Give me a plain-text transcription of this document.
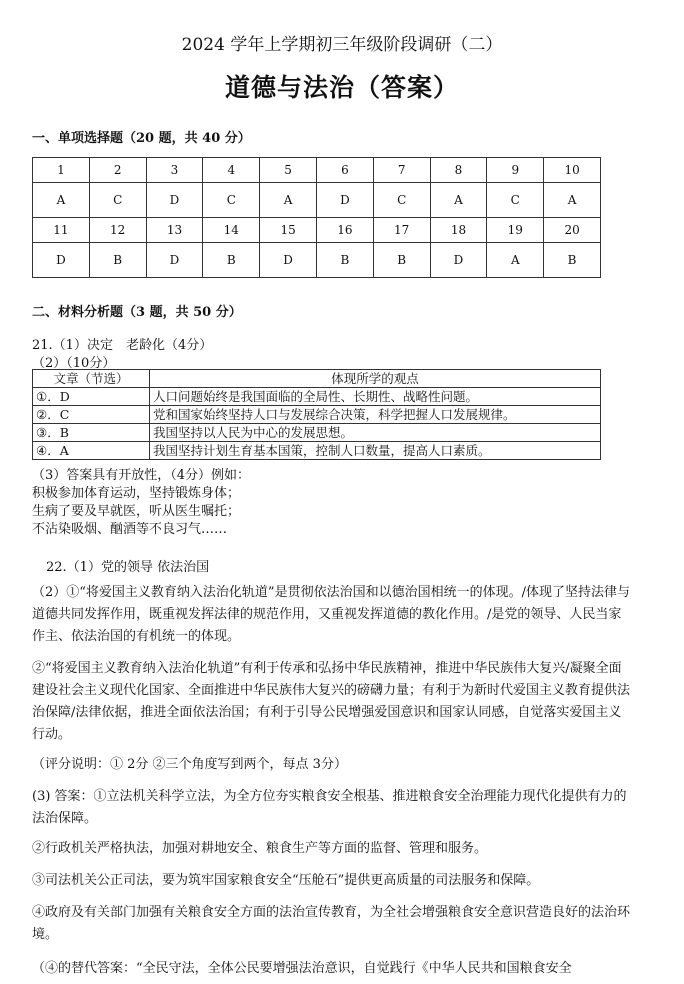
2024 学年上学期初三年级阶段调研（二）
道德与法治（答案）
一、单项选择题（20 题，共 40 分）
1	2	3	4	5	6	7	8	9	10
A	C	D	C	A	D	C	A	C	A
11	12	13	14	15	16	17	18	19	20
D	B	D	B	D	B	B	D	A	B
二、材料分析题（3 题，共 50 分）
21.（1）决定　老龄化（4分）
（2）（10分）
文章（节选）	体现所学的观点
①．D	人口问题始终是我国面临的全局性、长期性、战略性问题。
②．C	党和国家始终坚持人口与发展综合决策，科学把握人口发展规律。
③．B	我国坚持以人民为中心的发展思想。
④．A	我国坚持计划生育基本国策，控制人口数量，提高人口素质。
（3）答案具有开放性，（4分）例如：
积极参加体育运动，坚持锻炼身体；
生病了要及早就医，听从医生嘱托；
不沾染吸烟、酗酒等不良习气……
22.（1）党的领导 依法治国
（2）①“将爱国主义教育纳入法治化轨道”是贯彻依法治国和以德治国相统一的体现。/体现了坚持法律与道德共同发挥作用，既重视发挥法律的规范作用，又重视发挥道德的教化作用。/是党的领导、人民当家作主、依法治国的有机统一的体现。
②“将爱国主义教育纳入法治化轨道”有利于传承和弘扬中华民族精神，推进中华民族伟大复兴/凝聚全面建设社会主义现代化国家、全面推进中华民族伟大复兴的磅礴力量；有利于为新时代爱国主义教育提供法治保障/法律依据，推进全面依法治国；有利于引导公民增强爱国意识和国家认同感，自觉落实爱国主义行动。
（评分说明：① 2分 ②三个角度写到两个，每点 3分）
(3) 答案：①立法机关科学立法，为全方位夯实粮食安全根基、推进粮食安全治理能力现代化提供有力的法治保障。
②行政机关严格执法，加强对耕地安全、粮食生产等方面的监督、管理和服务。
③司法机关公正司法，要为筑牢国家粮食安全“压舱石”提供更高质量的司法服务和保障。
④政府及有关部门加强有关粮食安全方面的法治宣传教育，为全社会增强粮食安全意识营造良好的法治环境。
（④的替代答案：“全民守法，全体公民要增强法治意识，自觉践行《中华人民共和国粮食安全
